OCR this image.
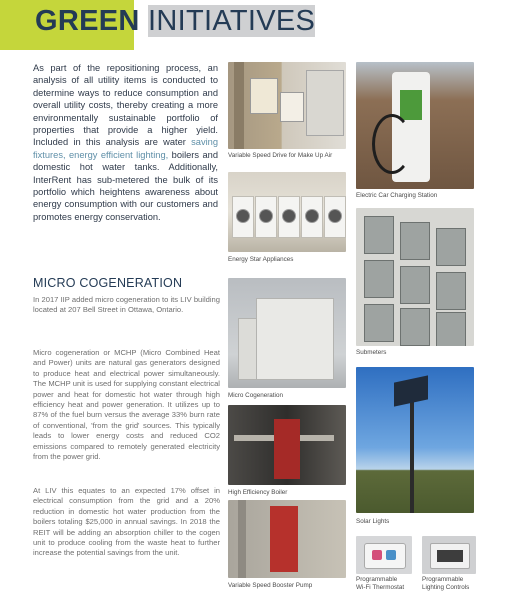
GREEN INITIATIVES
As part of the repositioning process, an analysis of all utility items is conducted to determine ways to reduce consumption and overall utility costs, thereby creating a more environmentally sustainable portfolio of properties that provide a higher yield. Included in this analysis are water saving fixtures, energy efficient lighting, boilers and domestic hot water tanks. Additionally, InterRent has sub-metered the bulk of its portfolio which heightens awareness about energy consumption with our customers and promotes energy conservation.
MICRO COGENERATION
In 2017 IIP added micro cogeneration to its LIV building located at 207 Bell Street in Ottawa, Ontario.
Micro cogeneration or MCHP (Micro Combined Heat and Power) units are natural gas generators designed to produce heat and electrical power simultaneously. The MCHP unit is used for supplying constant electrical power and heat for domestic hot water through high efficiency heat and power generation. It utilizes up to 87% of the fuel burn versus the average 33% burn rate of conventional, 'from the grid' sources. This typically leads to lower energy costs and reduced CO2 emissions compared to remotely generated electricity from the power grid.
At LIV this equates to an expected 17% offset in electrical consumption from the grid and a 20% reduction in domestic hot water production from the boilers totaling $25,000 in annual savings. In 2018 the REIT will be adding an absorption chiller to the cogen unit to produce cooling from the waste heat to further increase the potential savings from the unit.
Variable Speed Drive for Make Up Air
Electric Car Charging Station
Energy Star Appliances
Submeters
Micro Cogeneration
High Efficiency Boiler
Solar Lights
Variable Speed Booster Pump
Programmable
Wi-Fi Thermostat
Programmable
Lighting Controls
